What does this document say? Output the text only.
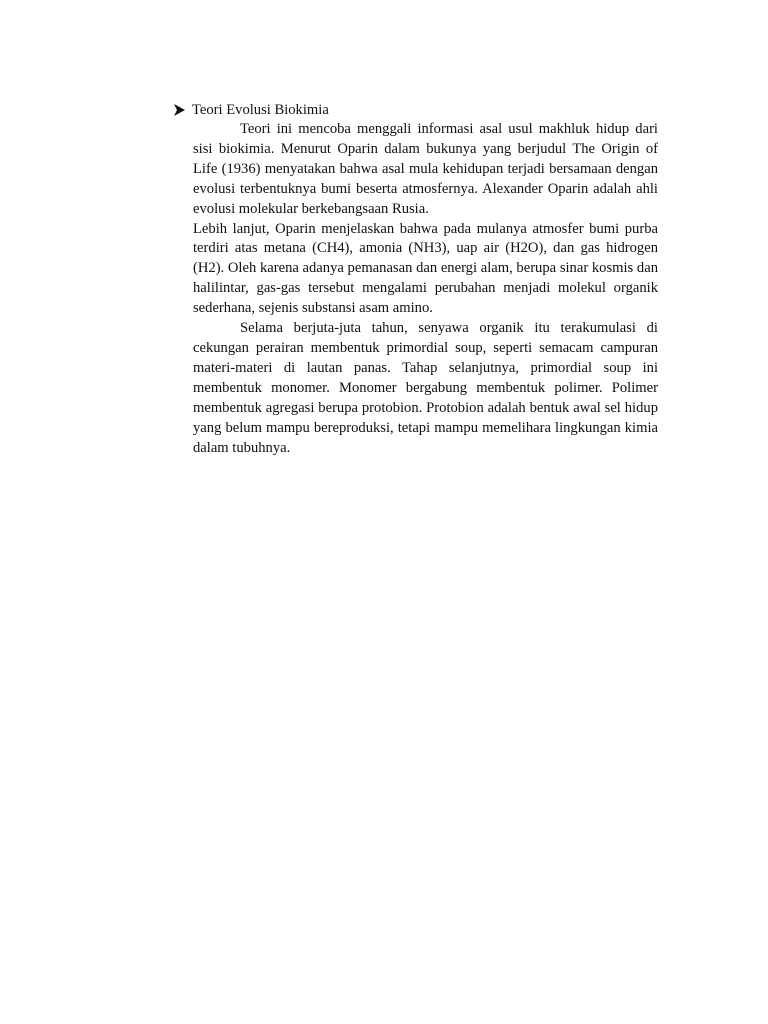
Teori Evolusi Biokimia

Teori ini mencoba menggali informasi asal usul makhluk hidup dari sisi biokimia. Menurut Oparin dalam bukunya yang berjudul The Origin of Life (1936) menyatakan bahwa asal mula kehidupan terjadi bersamaan dengan evolusi terbentuknya bumi beserta atmosfernya. Alexander Oparin adalah ahli evolusi molekular berkebangsaan Rusia.

Lebih lanjut, Oparin menjelaskan bahwa pada mulanya atmosfer bumi purba terdiri atas metana (CH4), amonia (NH3), uap air (H2O), dan gas hidrogen (H2). Oleh karena adanya pemanasan dan energi alam, berupa sinar kosmis dan halilintar, gas-gas tersebut mengalami perubahan menjadi molekul organik sederhana, sejenis substansi asam amino.

Selama berjuta-juta tahun, senyawa organik itu terakumulasi di cekungan perairan membentuk primordial soup, seperti semacam campuran materi-materi di lautan panas. Tahap selanjutnya, primordial soup ini membentuk monomer. Monomer bergabung membentuk polimer. Polimer membentuk agregasi berupa protobion. Protobion adalah bentuk awal sel hidup yang belum mampu bereproduksi, tetapi mampu memelihara lingkungan kimia dalam tubuhnya.
